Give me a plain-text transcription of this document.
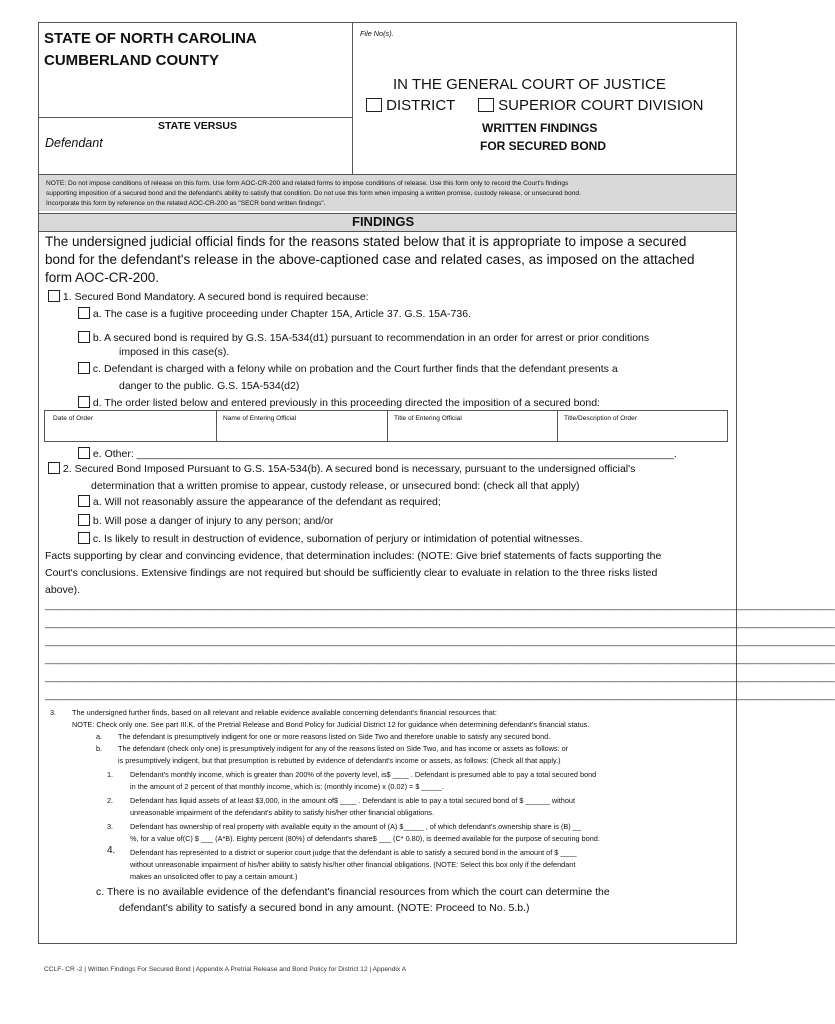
STATE OF NORTH CAROLINA
CUMBERLAND COUNTY
File No(s).
IN THE GENERAL COURT OF JUSTICE
DISTRICT	SUPERIOR COURT DIVISION
STATE VERSUS
Defendant
WRITTEN FINDINGS
FOR SECURED BOND
NOTE: Do not impose conditions of release on this form. Use form AOC-CR-200 and related forms to impose conditions of release. Use this form only to record the Court's findings
supporting imposition of a secured bond and the defendant's ability to satisfy that condition. Do not use this form when imposing a written promise, custody release, or unsecured bond.
Incorporate this form by reference on the related AOC-CR-200 as "SECR bond written findings".
FINDINGS
The undersigned judicial official finds for the reasons stated below that it is appropriate to impose a secured
bond for the defendant's release in the above-captioned case and related cases, as imposed on the attached
form AOC-CR-200.
1. Secured Bond Mandatory. A secured bond is required because:
a. The case is a fugitive proceeding under Chapter 15A, Article 37. G.S. 15A-736.
b. A secured bond is required by G.S. 15A-534(d1) pursuant to recommendation in an order for arrest or prior conditions
imposed in this case(s).
c. Defendant is charged with a felony while on probation and the Court further finds that the defendant presents a
danger to the public. G.S. 15A-534(d2)
d. The order listed below and entered previously in this proceeding directed the imposition of a secured bond:
Date of Order	Name of Entering Official	Title of Entering Official	Title/Description of Order
e. Other: ____________________________________________________________________________________________.
2. Secured Bond Imposed Pursuant to G.S. 15A-534(b). A secured bond is necessary, pursuant to the undersigned official's
determination that a written promise to appear, custody release, or unsecured bond: (check all that apply)
a. Will not reasonably assure the appearance of the defendant as required;
b. Will pose a danger of injury to any person; and/or
c. Is likely to result in destruction of evidence, subornation of perjury or intimidation of potential witnesses.
Facts supporting by clear and convincing evidence, that determination includes: (NOTE: Give brief statements of facts supporting the
Court's conclusions. Extensive findings are not required but should be sufficiently clear to evaluate in relation to the three risks listed
above).
____________________________________________________________________________________________________________________________________________
____________________________________________________________________________________________________________________________________________
____________________________________________________________________________________________________________________________________________
____________________________________________________________________________________________________________________________________________
____________________________________________________________________________________________________________________________________________
____________________________________________________________________________________________________________________________________________
3. The undersigned further finds, based on all relevant and reliable evidence available concerning defendant's financial resources that:
NOTE: Check only one. See part III.K. of the Pretrial Release and Bond Policy for Judicial District 12 for guidance when determining defendant's financial status.
a. The defendant is presumptively indigent for one or more reasons listed on Side Two and therefore unable to satisfy any secured bond.
b. The defendant (check only one) is presumptively indigent for any of the reasons listed on Side Two, and has income or assets as follows: or
is presumptively indigent, but that presumption is rebutted by evidence of defendant's income or assets, as follows: (Check all that apply.)
1. Defendant's monthly income, which is greater than 200% of the poverty level, is$ ____ . Defendant is presumed able to pay a total secured bond
in the amount of 2 percent of that monthly income, which is: (monthly income) x (0.02) = $ _____.
2. Defendant has liquid assets of at least $3,000, in the amount of$ ____ . Defendant is able to pay a total secured bond of $ ______ without
unreasonable impairment of the defendant's ability to satisfy his/her other financial obligations.
3. Defendant has ownership of real property with available equity in the amount of (A) $_____ , of which defendant's ownership share is (B) __
%, for a value of(C) $ ___ (A*B). Eighty percent (80%) of defendant's share$ ___ (C* 0.80), is deemed available for the purpose of securing bond.
4. Defendant has represented to a district or superior court judge that the defendant is able to satisfy a secured bond in the amount of $ ____
without unreasonable impairment of his/her ability to satisfy his/her other financial obligations. (NOTE: Select this box only if the defendant
makes an unsolicited offer to pay a certain amount.)
c. There is no available evidence of the defendant's financial resources from which the court can determine the
defendant's ability to satisfy a secured bond in any amount. (NOTE: Proceed to No. 5.b.)
CCLF- CR -2 | Written Findings For Secured Bond | Appendix A Pretrial Release and Bond Policy for District 12 | Appendix A
